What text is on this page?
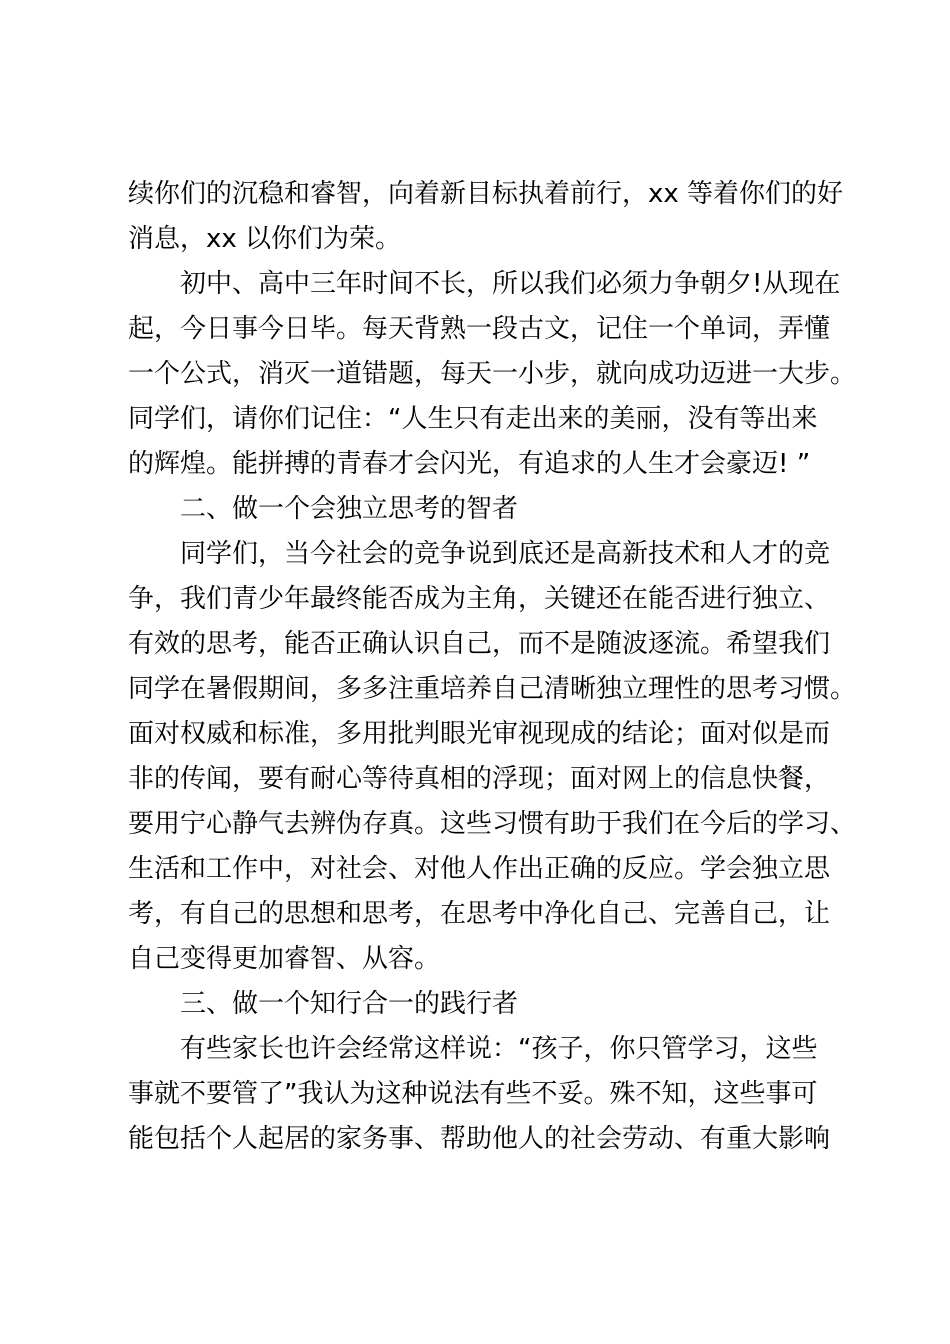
续你们的沉稳和睿智，向着新目标执着前行，xx 等着你们的好
消息，xx 以你们为荣。
初中、高中三年时间不长，所以我们必须力争朝夕!从现在
起，今日事今日毕。每天背熟一段古文，记住一个单词，弄懂
一个公式，消灭一道错题，每天一小步，就向成功迈进一大步。
同学们，请你们记住：“人生只有走出来的美丽，没有等出来
的辉煌。能拼搏的青春才会闪光，有追求的人生才会豪迈! ”
二、做一个会独立思考的智者
同学们，当今社会的竞争说到底还是高新技术和人才的竞
争，我们青少年最终能否成为主角，关键还在能否进行独立、
有效的思考，能否正确认识自己，而不是随波逐流。希望我们
同学在暑假期间，多多注重培养自己清晰独立理性的思考习惯。
面对权威和标准，多用批判眼光审视现成的结论；面对似是而
非的传闻，要有耐心等待真相的浮现；面对网上的信息快餐，
要用宁心静气去辨伪存真。这些习惯有助于我们在今后的学习、
生活和工作中，对社会、对他人作出正确的反应。学会独立思
考，有自己的思想和思考，在思考中净化自己、完善自己，让
自己变得更加睿智、从容。
三、做一个知行合一的践行者
有些家长也许会经常这样说：“孩子，你只管学习，这些
事就不要管了”我认为这种说法有些不妥。殊不知，这些事可
能包括个人起居的家务事、帮助他人的社会劳动、有重大影响
